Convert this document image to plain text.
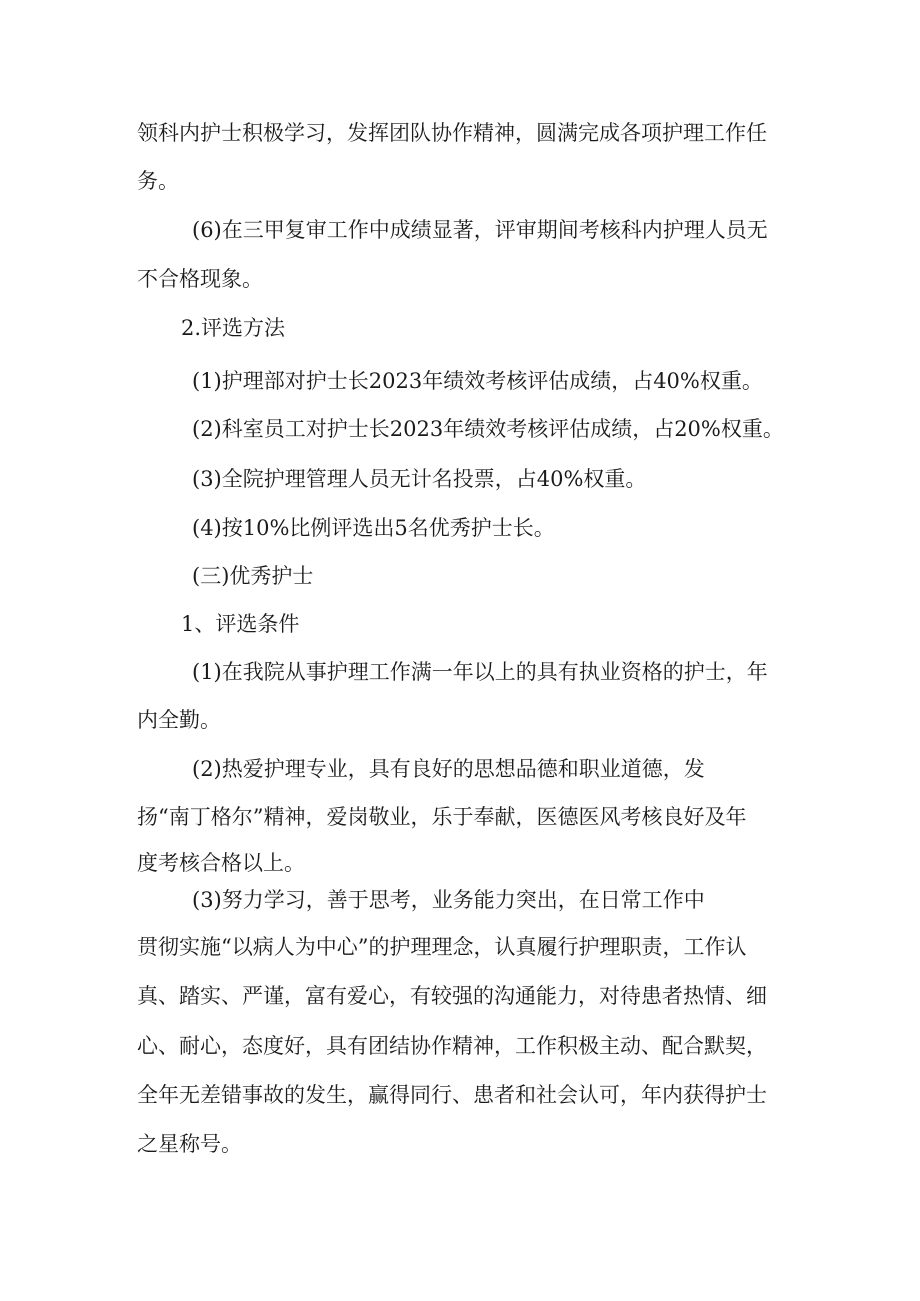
领科内护士积极学习，发挥团队协作精神，圆满完成各项护理工作任
务。
(6)在三甲复审工作中成绩显著，评审期间考核科内护理人员无
不合格现象。
2.评选方法
(1)护理部对护士长2023年绩效考核评估成绩，占40%权重。
(2)科室员工对护士长2023年绩效考核评估成绩，占20%权重。
(3)全院护理管理人员无计名投票，占40%权重。
(4)按10%比例评选出5名优秀护士长。
(三)优秀护士
1、评选条件
(1)在我院从事护理工作满一年以上的具有执业资格的护士，年
内全勤。
(2)热爱护理专业，具有良好的思想品德和职业道德，发
扬“南丁格尔”精神，爱岗敬业，乐于奉献，医德医风考核良好及年
度考核合格以上。
(3)努力学习，善于思考，业务能力突出，在日常工作中
贯彻实施“以病人为中心”的护理理念，认真履行护理职责，工作认
真、踏实、严谨，富有爱心，有较强的沟通能力，对待患者热情、细
心、耐心，态度好，具有团结协作精神，工作积极主动、配合默契，
全年无差错事故的发生，赢得同行、患者和社会认可，年内获得护士
之星称号。
